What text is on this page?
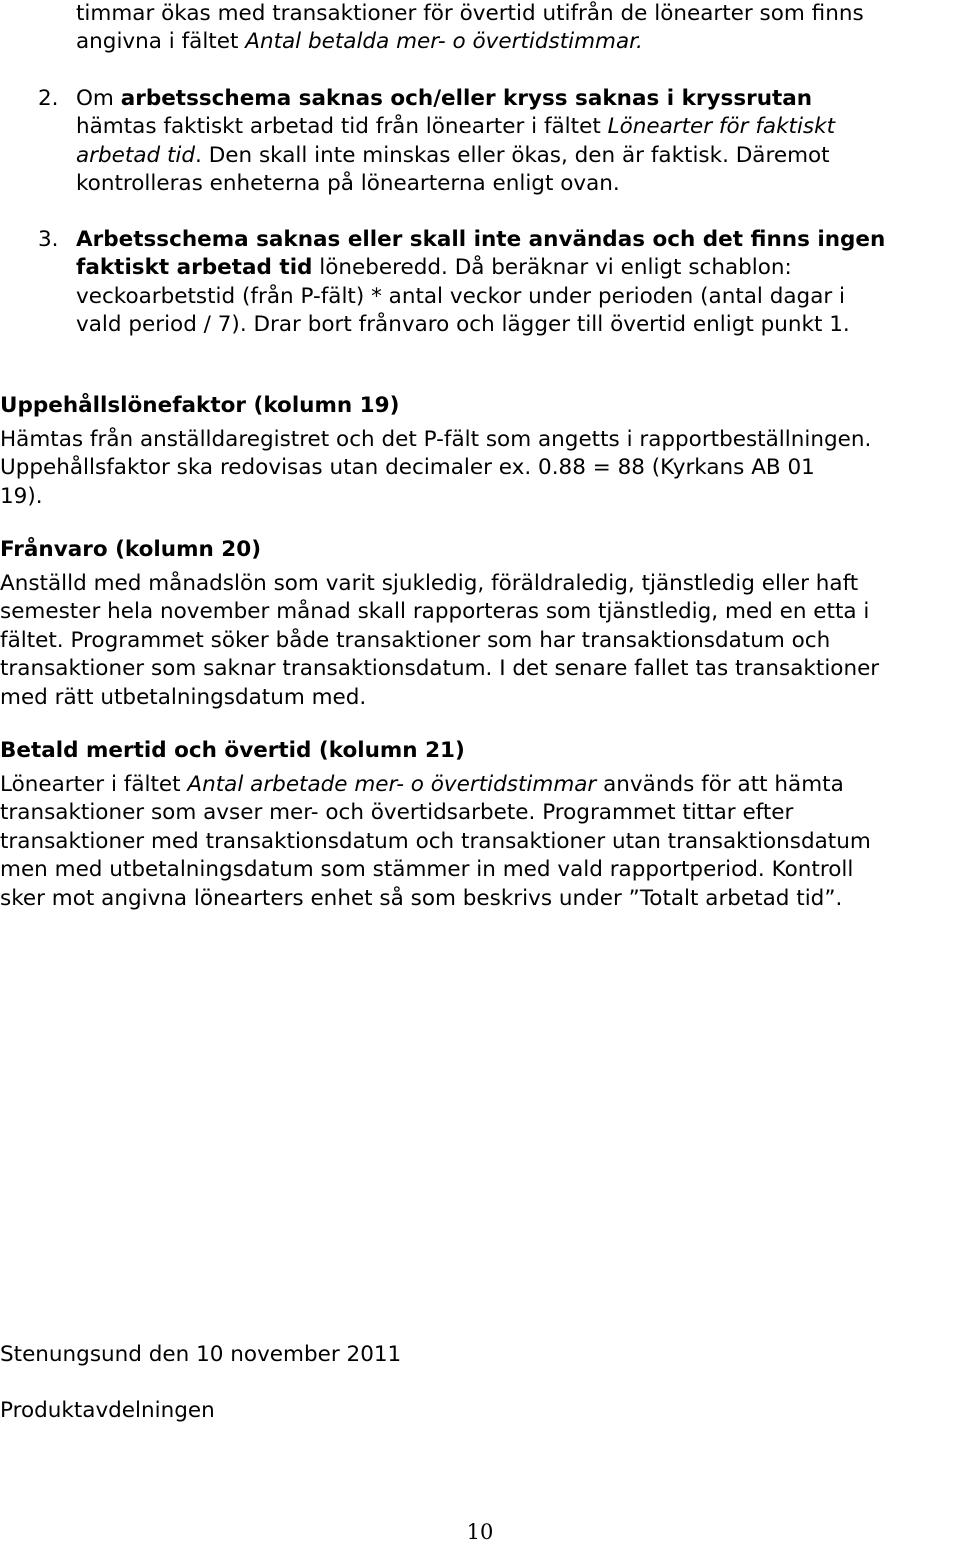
timmar ökas med transaktioner för övertid utifrån de lönearter som finns
angivna i fältet Antal betalda mer- o övertidstimmar.
2. Om arbetsschema saknas och/eller kryss saknas i kryssrutan
hämtas faktiskt arbetad tid från lönearter i fältet Lönearter för faktiskt
arbetad tid. Den skall inte minskas eller ökas, den är faktisk. Däremot
kontrolleras enheterna på lönearterna enligt ovan.
3. Arbetsschema saknas eller skall inte användas och det finns ingen
faktiskt arbetad tid löneberedd. Då beräknar vi enligt schablon:
veckoarbetstid (från P-fält) * antal veckor under perioden (antal dagar i
vald period / 7). Drar bort frånvaro och lägger till övertid enligt punkt 1.
Uppehållslönefaktor (kolumn 19)
Hämtas från anställdaregistret och det P-fält som angetts i rapportbeställningen.
Uppehållsfaktor ska redovisas utan decimaler ex. 0.88 = 88 (Kyrkans AB 01
19).
Frånvaro (kolumn 20)
Anställd med månadslön som varit sjukledig, föräldraledig, tjänstledig eller haft
semester hela november månad skall rapporteras som tjänstledig, med en etta i
fältet. Programmet söker både transaktioner som har transaktionsdatum och
transaktioner som saknar transaktionsdatum. I det senare fallet tas transaktioner
med rätt utbetalningsdatum med.
Betald mertid och övertid (kolumn 21)
Lönearter i fältet Antal arbetade mer- o övertidstimmar används för att hämta
transaktioner som avser mer- och övertidsarbete. Programmet tittar efter
transaktioner med transaktionsdatum och transaktioner utan transaktionsdatum
men med utbetalningsdatum som stämmer in med vald rapportperiod. Kontroll
sker mot angivna lönearters enhet så som beskrivs under ”Totalt arbetad tid”.
Stenungsund den 10 november 2011
Produktavdelningen
10
